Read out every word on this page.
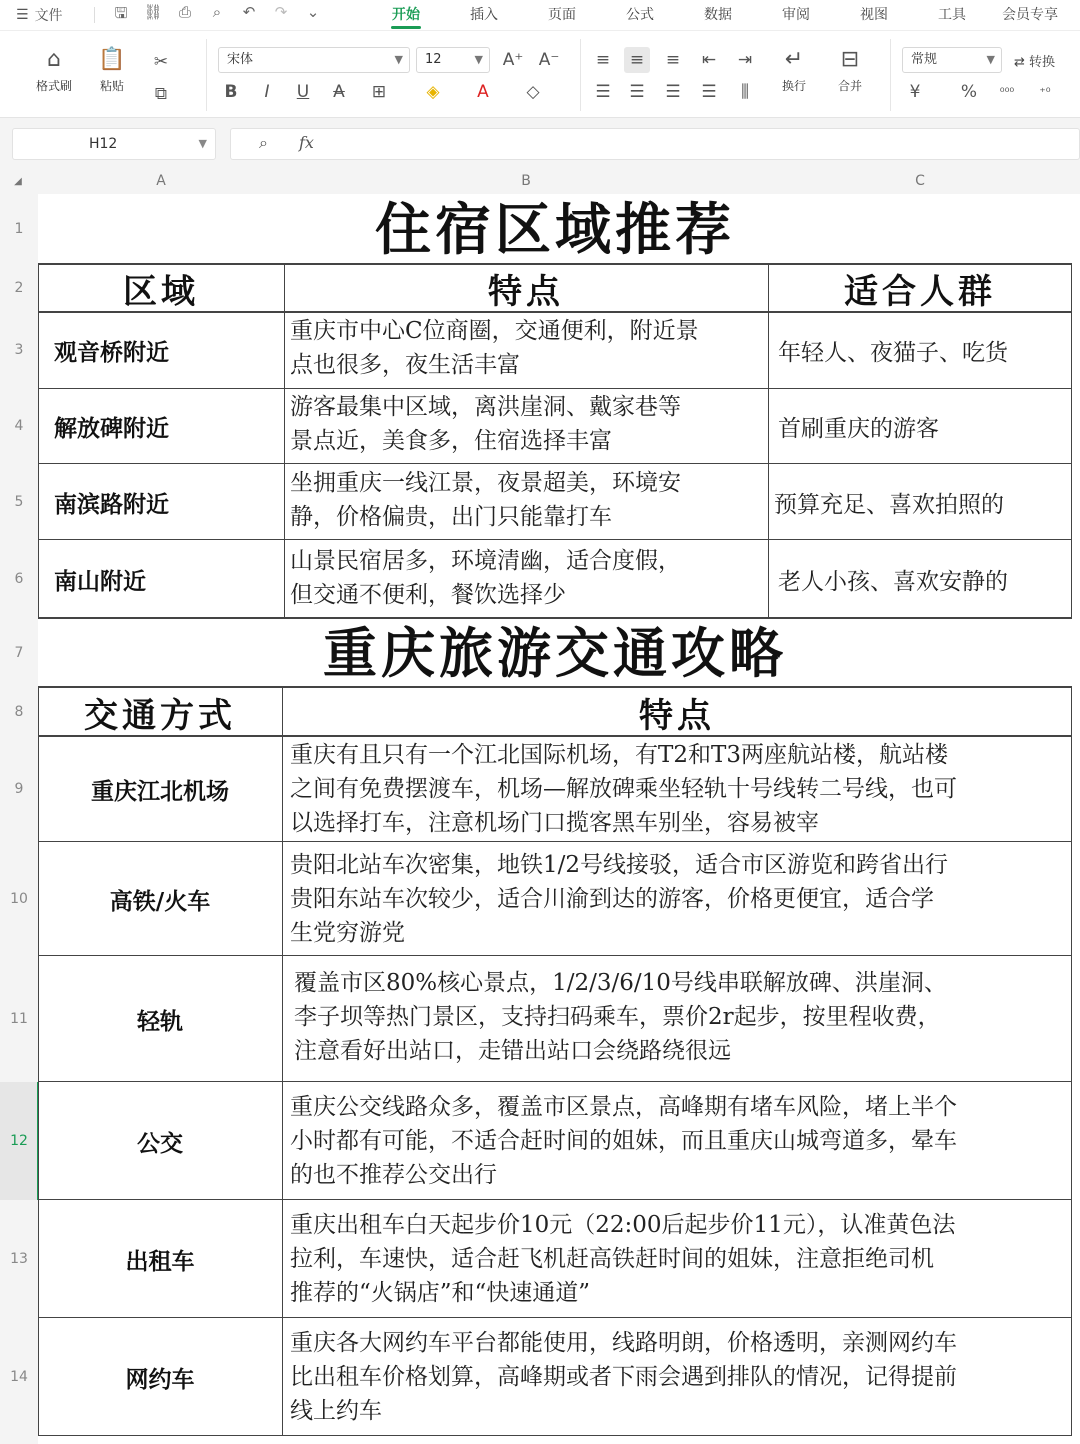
☰ 文件	🖫 ⛓ ⎙	⌕	↶ ↷ ⌄	开始	插入	页面	公式	数据	审阅	视图	工具	会员专享
⌂
格式刷
📋
粘贴
✂
⧉
宋体	▼	12	▼ A⁺ A⁻
B	I	U	A	⊞	◈	A	◇
≡	≡	≡	⇤	⇥
☰	☰	☰	☰	⫼
↵
换行
⊟
合并
常规	▼ ⇄ 转换
¥	%	⁰⁰⁰	⁺⁰
H12	▼	⌕ fx
◢	A	B	C
1
2
3
4
5
6
7
8
9
10
11
12
13
14
住宿区域推荐
区域	特点	适合人群
观音桥附近
重庆市中心C位商圈，交通便利，附近景
点也很多，夜生活丰富	年轻人、夜猫子、吃货
解放碑附近
游客最集中区域，离洪崖洞、戴家巷等
景点近，美食多，住宿选择丰富	首刷重庆的游客
南滨路附近
坐拥重庆一线江景，夜景超美，环境安
静，价格偏贵，出门只能靠打车	预算充足、喜欢拍照的
南山附近
山景民宿居多，环境清幽，适合度假，
但交通不便利，餐饮选择少
老人小孩、喜欢安静的
重庆旅游交通攻略
交通方式	特点
重庆江北机场
重庆有且只有一个江北国际机场，有T2和T3两座航站楼，航站楼
之间有免费摆渡车，机场—解放碑乘坐轻轨十号线转二号线，也可
以选择打车，注意机场门口揽客黑车别坐，容易被宰
高铁/火车
贵阳北站车次密集，地铁1/2号线接驳，适合市区游览和跨省出行
贵阳东站车次较少，适合川渝到达的游客，价格更便宜，适合学
生党穷游党
轻轨
覆盖市区80%核心景点，1/2/3/6/10号线串联解放碑、洪崖洞、
李子坝等热门景区，支持扫码乘车，票价2r起步，按里程收费，
注意看好出站口，走错出站口会绕路绕很远
公交
重庆公交线路众多，覆盖市区景点，高峰期有堵车风险，堵上半个
小时都有可能，不适合赶时间的姐妹，而且重庆山城弯道多，晕车
的也不推荐公交出行
出租车
重庆出租车白天起步价10元（22:00后起步价11元），认准黄色法
拉利，车速快，适合赶飞机赶高铁赶时间的姐妹，注意拒绝司机
推荐的“火锅店”和“快速通道”
网约车
重庆各大网约车平台都能使用，线路明朗，价格透明，亲测网约车
比出租车价格划算，高峰期或者下雨会遇到排队的情况，记得提前
线上约车
